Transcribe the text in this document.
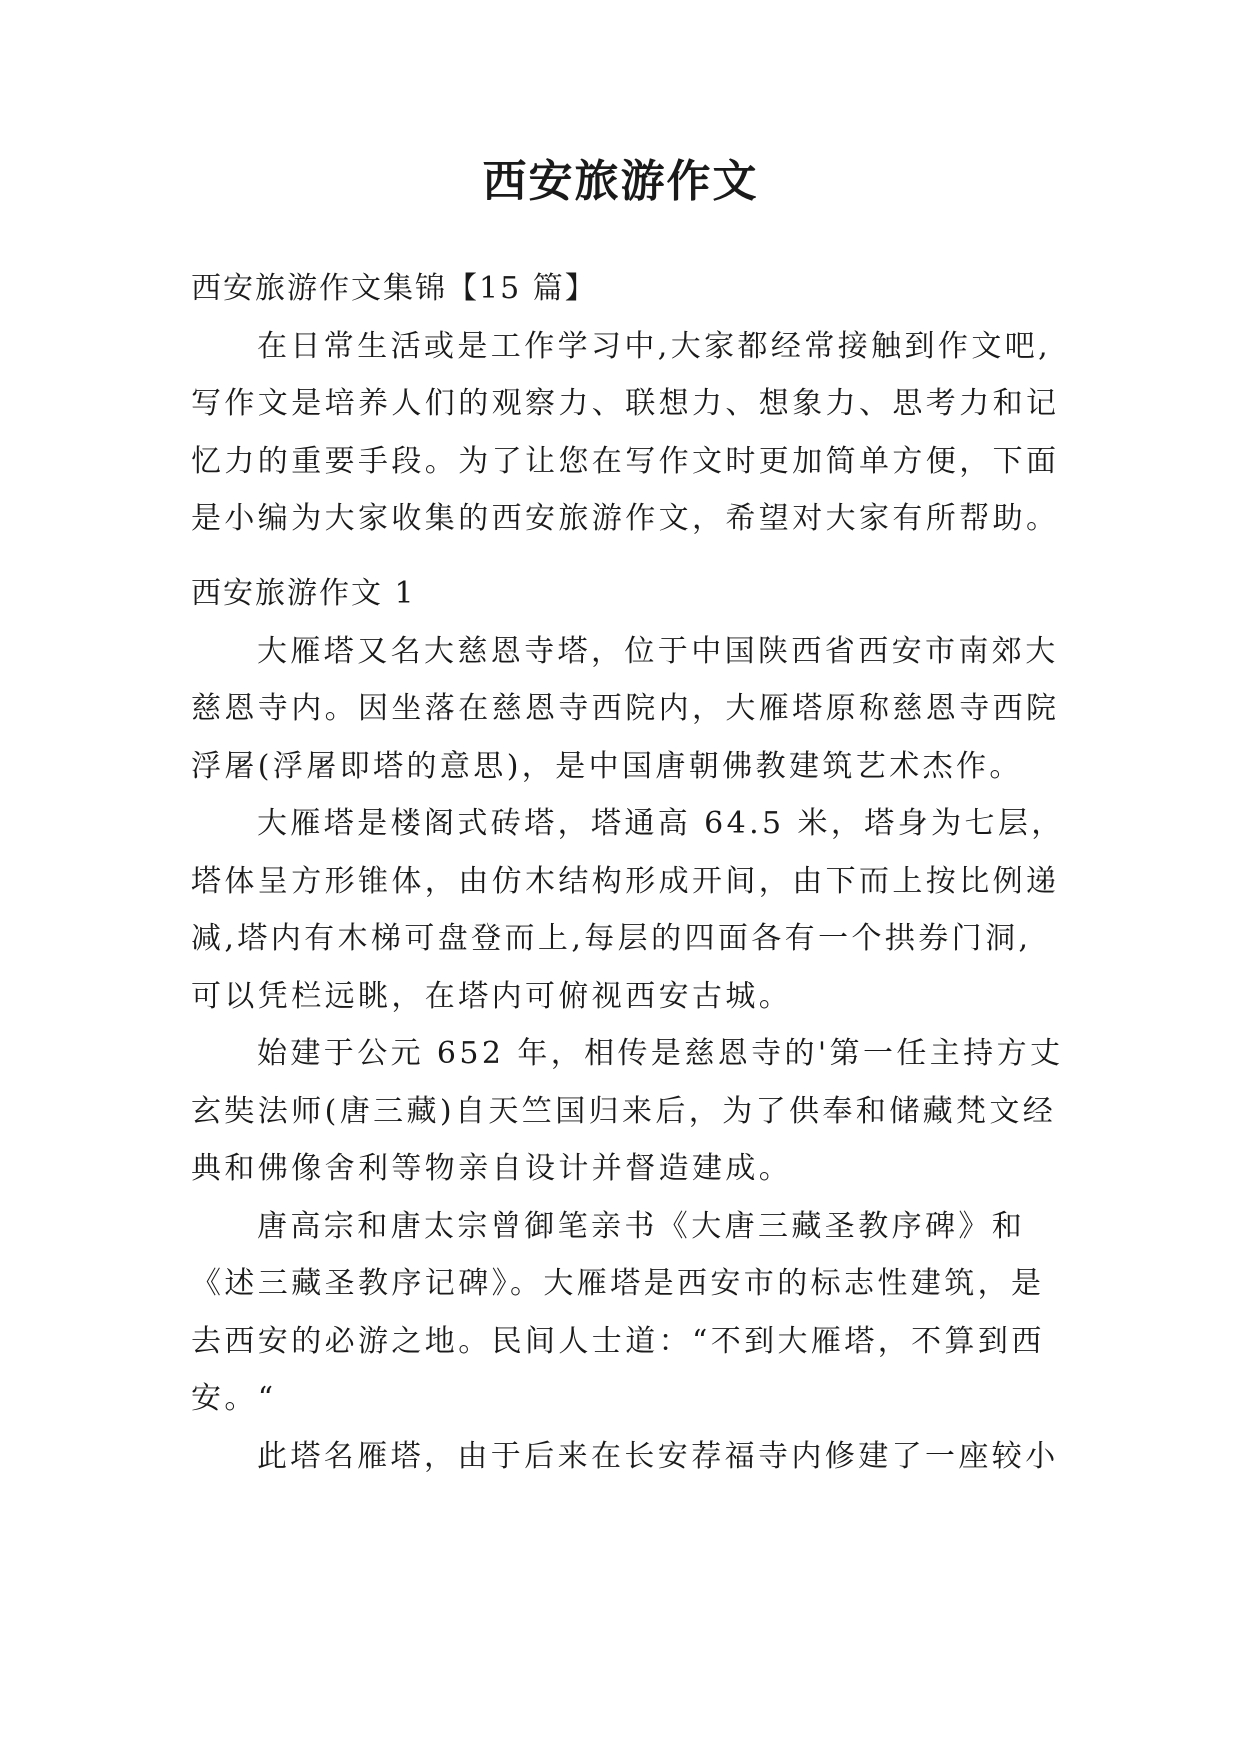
西安旅游作文

西安旅游作文集锦【15 篇】

在日常生活或是工作学习中,大家都经常接触到作文吧,

写作文是培养人们的观察力、联想力、想象力、思考力和记

忆力的重要手段。为了让您在写作文时更加简单方便，下面

是小编为大家收集的西安旅游作文，希望对大家有所帮助。

西安旅游作文 1

大雁塔又名大慈恩寺塔，位于中国陕西省西安市南郊大

慈恩寺内。因坐落在慈恩寺西院内，大雁塔原称慈恩寺西院

浮屠(浮屠即塔的意思)，是中国唐朝佛教建筑艺术杰作。

大雁塔是楼阁式砖塔，塔通高 64.5 米，塔身为七层，

塔体呈方形锥体，由仿木结构形成开间，由下而上按比例递

减,塔内有木梯可盘登而上,每层的四面各有一个拱券门洞,

可以凭栏远眺，在塔内可俯视西安古城。

始建于公元 652 年，相传是慈恩寺的'第一任主持方丈

玄奘法师(唐三藏)自天竺国归来后，为了供奉和储藏梵文经

典和佛像舍利等物亲自设计并督造建成。

唐高宗和唐太宗曾御笔亲书《大唐三藏圣教序碑》和

《述三藏圣教序记碑》。大雁塔是西安市的标志性建筑，是

去西安的必游之地。民间人士道：“不到大雁塔，不算到西

安。“

此塔名雁塔，由于后来在长安荐福寺内修建了一座较小
